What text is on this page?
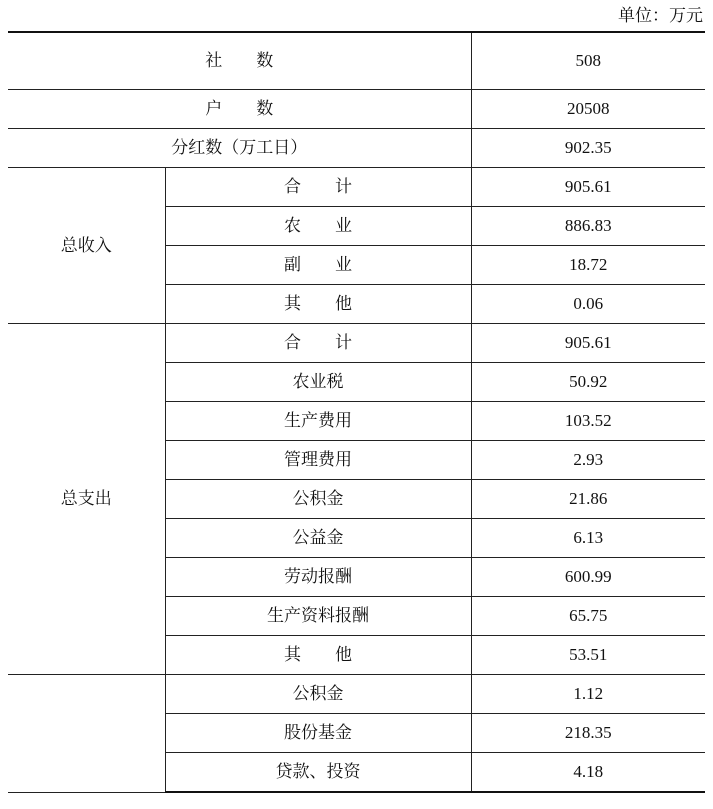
单位：万元
社　　数		508
户　　数		20508
分红数（万工日）		902.35
总收入	合　　计	905.61
	农　　业	886.83
	副　　业	18.72
	其　　他	0.06
总支出	合　　计	905.61
	农业税	50.92
	生产费用	103.52
	管理费用	2.93
	公积金	21.86
	公益金	6.13
	劳动报酬	600.99
	生产资料报酬	65.75
	其　　他	53.51
	公积金	1.12
	股份基金	218.35
	贷款、投资	4.18
